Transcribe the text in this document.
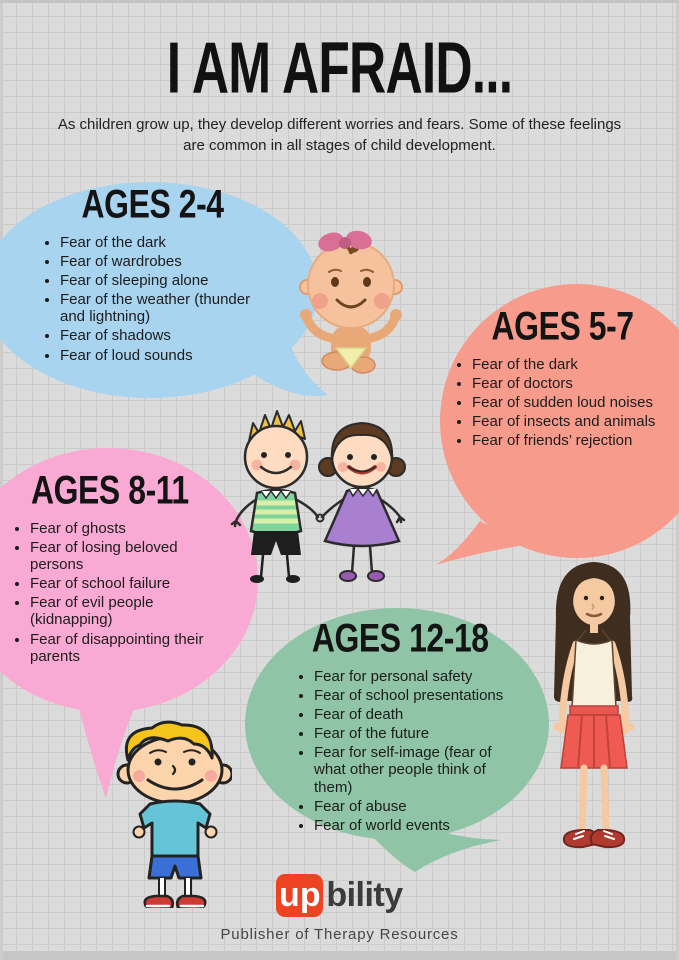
I AM AFRAID...
As children grow up, they develop different worries and fears. Some of these feelings are common in all stages of child development.
AGES 2-4
• Fear of the dark
• Fear of wardrobes
• Fear of sleeping alone
• Fear of the weather (thunder and lightning)
• Fear of shadows
• Fear of loud sounds
AGES 5-7
• Fear of the dark
• Fear of doctors
• Fear of sudden loud noises
• Fear of insects and animals
• Fear of friends’ rejection
AGES 8-11
• Fear of ghosts
• Fear of losing beloved persons
• Fear of school failure
• Fear of evil people (kidnapping)
• Fear of disappointing their parents	AGES 12-18
• Fear for personal safety
• Fear of school presentations
• Fear of death
• Fear of the future
• Fear for self-image (fear of what other people think of them)
• Fear of abuse
• Fear of world events
up bility
Publisher of Therapy Resources
